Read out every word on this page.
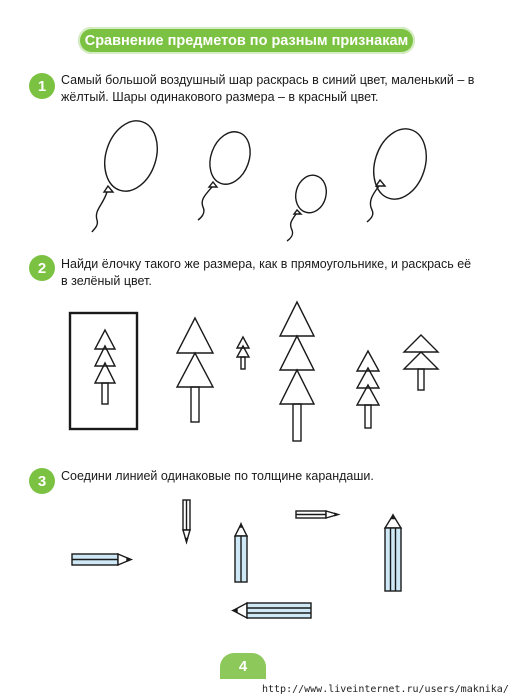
Сравнение предметов по разным признакам
1	Самый большой воздушный шар раскрась в синий цвет, маленький – в жёлтый. Шары одинакового размера – в красный цвет.
2	Найди ёлочку такого же размера, как в прямоугольнике, и раскрась её в зелёный цвет.
3	Соедини линией одинаковые по толщине карандаши.
4
http://www.liveinternet.ru/users/maknika/
